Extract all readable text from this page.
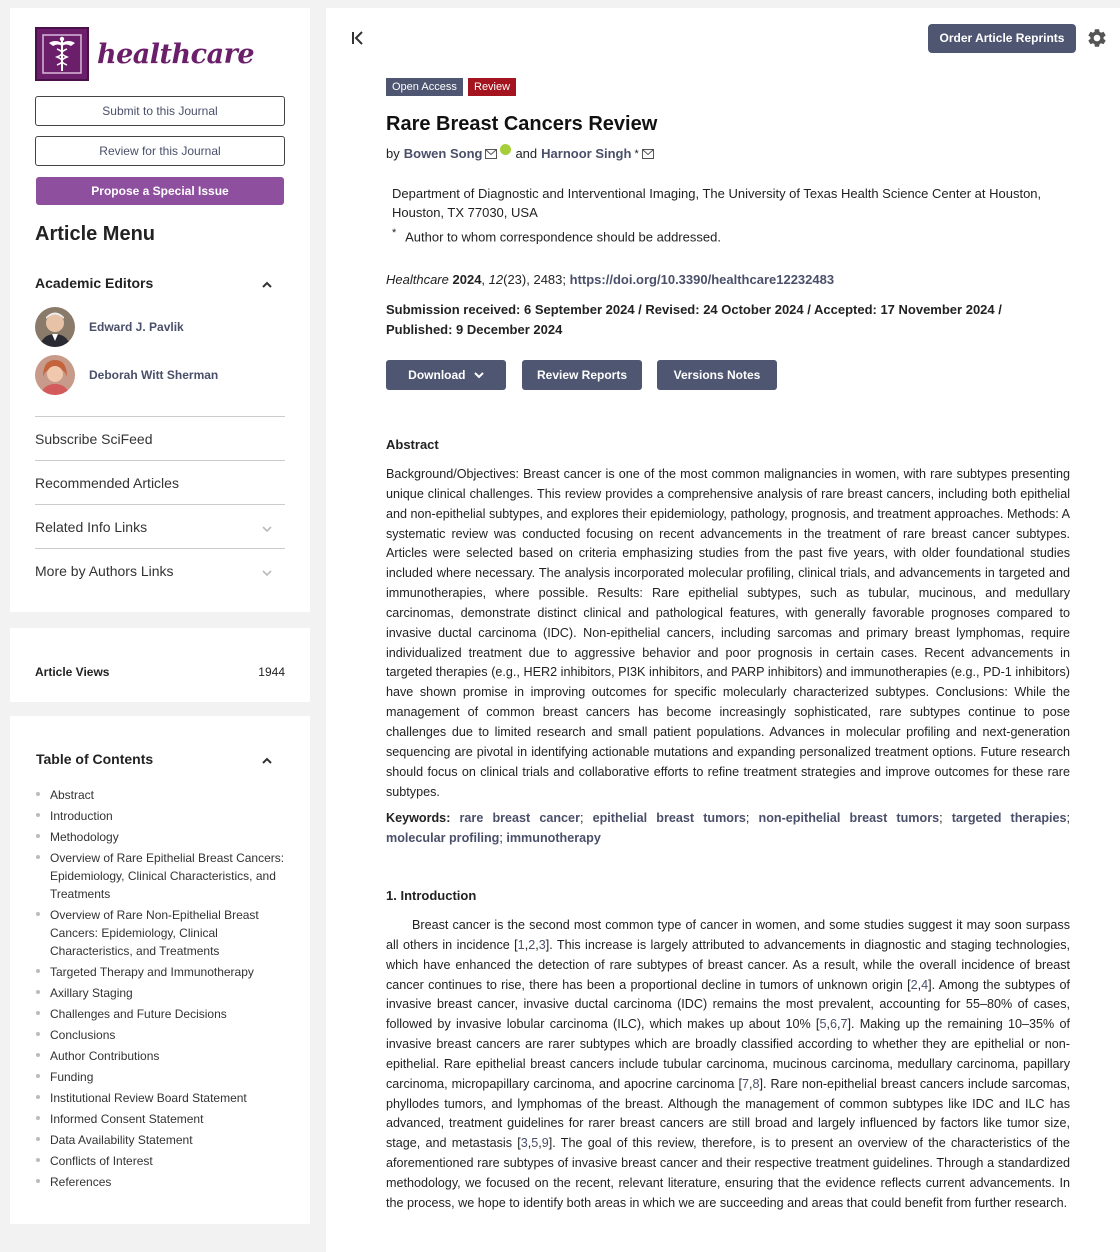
healthcare
Submit to this Journal
Review for this Journal
Propose a Special Issue
Article Menu
Academic Editors
Edward J. Pavlik
Deborah Witt Sherman
Subscribe SciFeed
Recommended Articles
Related Info Links
More by Authors Links
Article Views	1944
Table of Contents
Abstract
Introduction
Methodology
Overview of Rare Epithelial Breast Cancers: Epidemiology, Clinical Characteristics, and Treatments
Overview of Rare Non-Epithelial Breast Cancers: Epidemiology, Clinical Characteristics, and Treatments
Targeted Therapy and Immunotherapy
Axillary Staging
Challenges and Future Decisions
Conclusions
Author Contributions
Funding
Institutional Review Board Statement
Informed Consent Statement
Data Availability Statement
Conflicts of Interest
References
Order Article Reprints
Open Access	Review
Rare Breast Cancers Review
by Bowen Song	and Harnoor Singh *
Department of Diagnostic and Interventional Imaging, The University of Texas Health Science Center at Houston, Houston, TX 77030, USA
* Author to whom correspondence should be addressed.
Healthcare 2024, 12(23), 2483; https://doi.org/10.3390/healthcare12232483
Submission received: 6 September 2024 / Revised: 24 October 2024 / Accepted: 17 November 2024 / Published: 9 December 2024
Download	Review Reports	Versions Notes
Abstract

Background/Objectives: Breast cancer is one of the most common malignancies in women, with rare subtypes presenting unique clinical challenges. This review provides a comprehensive analysis of rare breast cancers, including both epithelial and non-epithelial subtypes, and explores their epidemiology, pathology, prognosis, and treatment approaches. Methods: A systematic review was conducted focusing on recent advancements in the treatment of rare breast cancer subtypes. Articles were selected based on criteria emphasizing studies from the past five years, with older foundational studies included where necessary. The analysis incorporated molecular profiling, clinical trials, and advancements in targeted and immunotherapies, where possible. Results: Rare epithelial subtypes, such as tubular, mucinous, and medullary carcinomas, demonstrate distinct clinical and pathological features, with generally favorable prognoses compared to invasive ductal carcinoma (IDC). Non-epithelial cancers, including sarcomas and primary breast lymphomas, require individualized treatment due to aggressive behavior and poor prognosis in certain cases. Recent advancements in targeted therapies (e.g., HER2 inhibitors, PI3K inhibitors, and PARP inhibitors) and immunotherapies (e.g., PD-1 inhibitors) have shown promise in improving outcomes for specific molecularly characterized subtypes. Conclusions: While the management of common breast cancers has become increasingly sophisticated, rare subtypes continue to pose challenges due to limited research and small patient populations. Advances in molecular profiling and next-generation sequencing are pivotal in identifying actionable mutations and expanding personalized treatment options. Future research should focus on clinical trials and collaborative efforts to refine treatment strategies and improve outcomes for these rare subtypes.

Keywords: rare breast cancer; epithelial breast tumors; non-epithelial breast tumors; targeted therapies; molecular profiling; immunotherapy
1. Introduction

Breast cancer is the second most common type of cancer in women, and some studies suggest it may soon surpass all others in incidence [1,2,3]. This increase is largely attributed to advancements in diagnostic and staging technologies, which have enhanced the detection of rare subtypes of breast cancer. As a result, while the overall incidence of breast cancer continues to rise, there has been a proportional decline in tumors of unknown origin [2,4]. Among the subtypes of invasive breast cancer, invasive ductal carcinoma (IDC) remains the most prevalent, accounting for 55–80% of cases, followed by invasive lobular carcinoma (ILC), which makes up about 10% [5,6,7]. Making up the remaining 10–35% of invasive breast cancers are rarer subtypes which are broadly classified according to whether they are epithelial or non-epithelial. Rare epithelial breast cancers include tubular carcinoma, mucinous carcinoma, medullary carcinoma, papillary carcinoma, micropapillary carcinoma, and apocrine carcinoma [7,8]. Rare non-epithelial breast cancers include sarcomas, phyllodes tumors, and lymphomas of the breast. Although the management of common subtypes like IDC and ILC has advanced, treatment guidelines for rarer breast cancers are still broad and largely influenced by factors like tumor size, stage, and metastasis [3,5,9]. The goal of this review, therefore, is to present an overview of the characteristics of the aforementioned rare subtypes of invasive breast cancer and their respective treatment guidelines. Through a standardized methodology, we focused on the recent, relevant literature, ensuring that the evidence reflects current advancements. In the process, we hope to identify both areas in which we are succeeding and areas that could benefit from further research.
